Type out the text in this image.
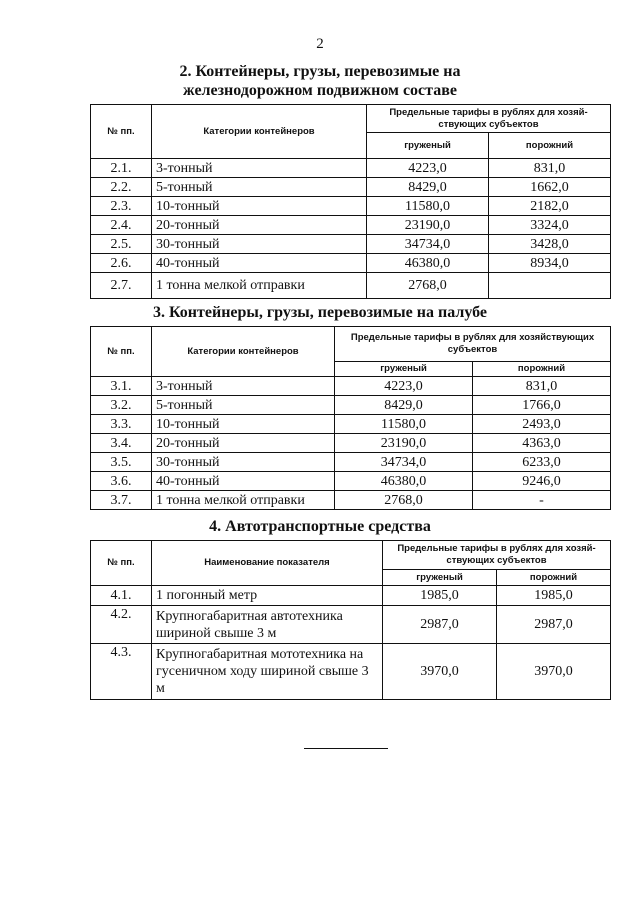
2
2. Контейнеры, грузы, перевозимые на
железнодорожном подвижном составе
№ пп.	Категории контейнеров	Предельные тарифы в рублях для хозяй-ствующих субъектов	
		груженый	порожний
2.1.	3-тонный	4223,0	831,0
2.2.	5-тонный	8429,0	1662,0
2.3.	10-тонный	11580,0	2182,0
2.4.	20-тонный	23190,0	3324,0
2.5.	30-тонный	34734,0	3428,0
2.6.	40-тонный	46380,0	8934,0
2.7.	1 тонна мелкой отправки	2768,0	
3. Контейнеры, грузы, перевозимые на палубе
№ пп.	Категории контейнеров	Предельные тарифы в рублях для хозяйствующих субъектов	
		груженый	порожний
3.1.	3-тонный	4223,0	831,0
3.2.	5-тонный	8429,0	1766,0
3.3.	10-тонный	11580,0	2493,0
3.4.	20-тонный	23190,0	4363,0
3.5.	30-тонный	34734,0	6233,0
3.6.	40-тонный	46380,0	9246,0
3.7.	1 тонна мелкой отправки	2768,0	-
4. Автотранспортные средства
№ пп.	Наименование показателя	Предельные тарифы в рублях для хозяй-ствующих субъектов	
		груженый	порожний
4.1.	1 погонный метр	1985,0	1985,0
4.2.	Крупногабаритная автотехника шириной свыше 3 м	2987,0	2987,0
4.3.	Крупногабаритная мототехника на гусеничном ходу шириной свыше 3 м	3970,0	3970,0
